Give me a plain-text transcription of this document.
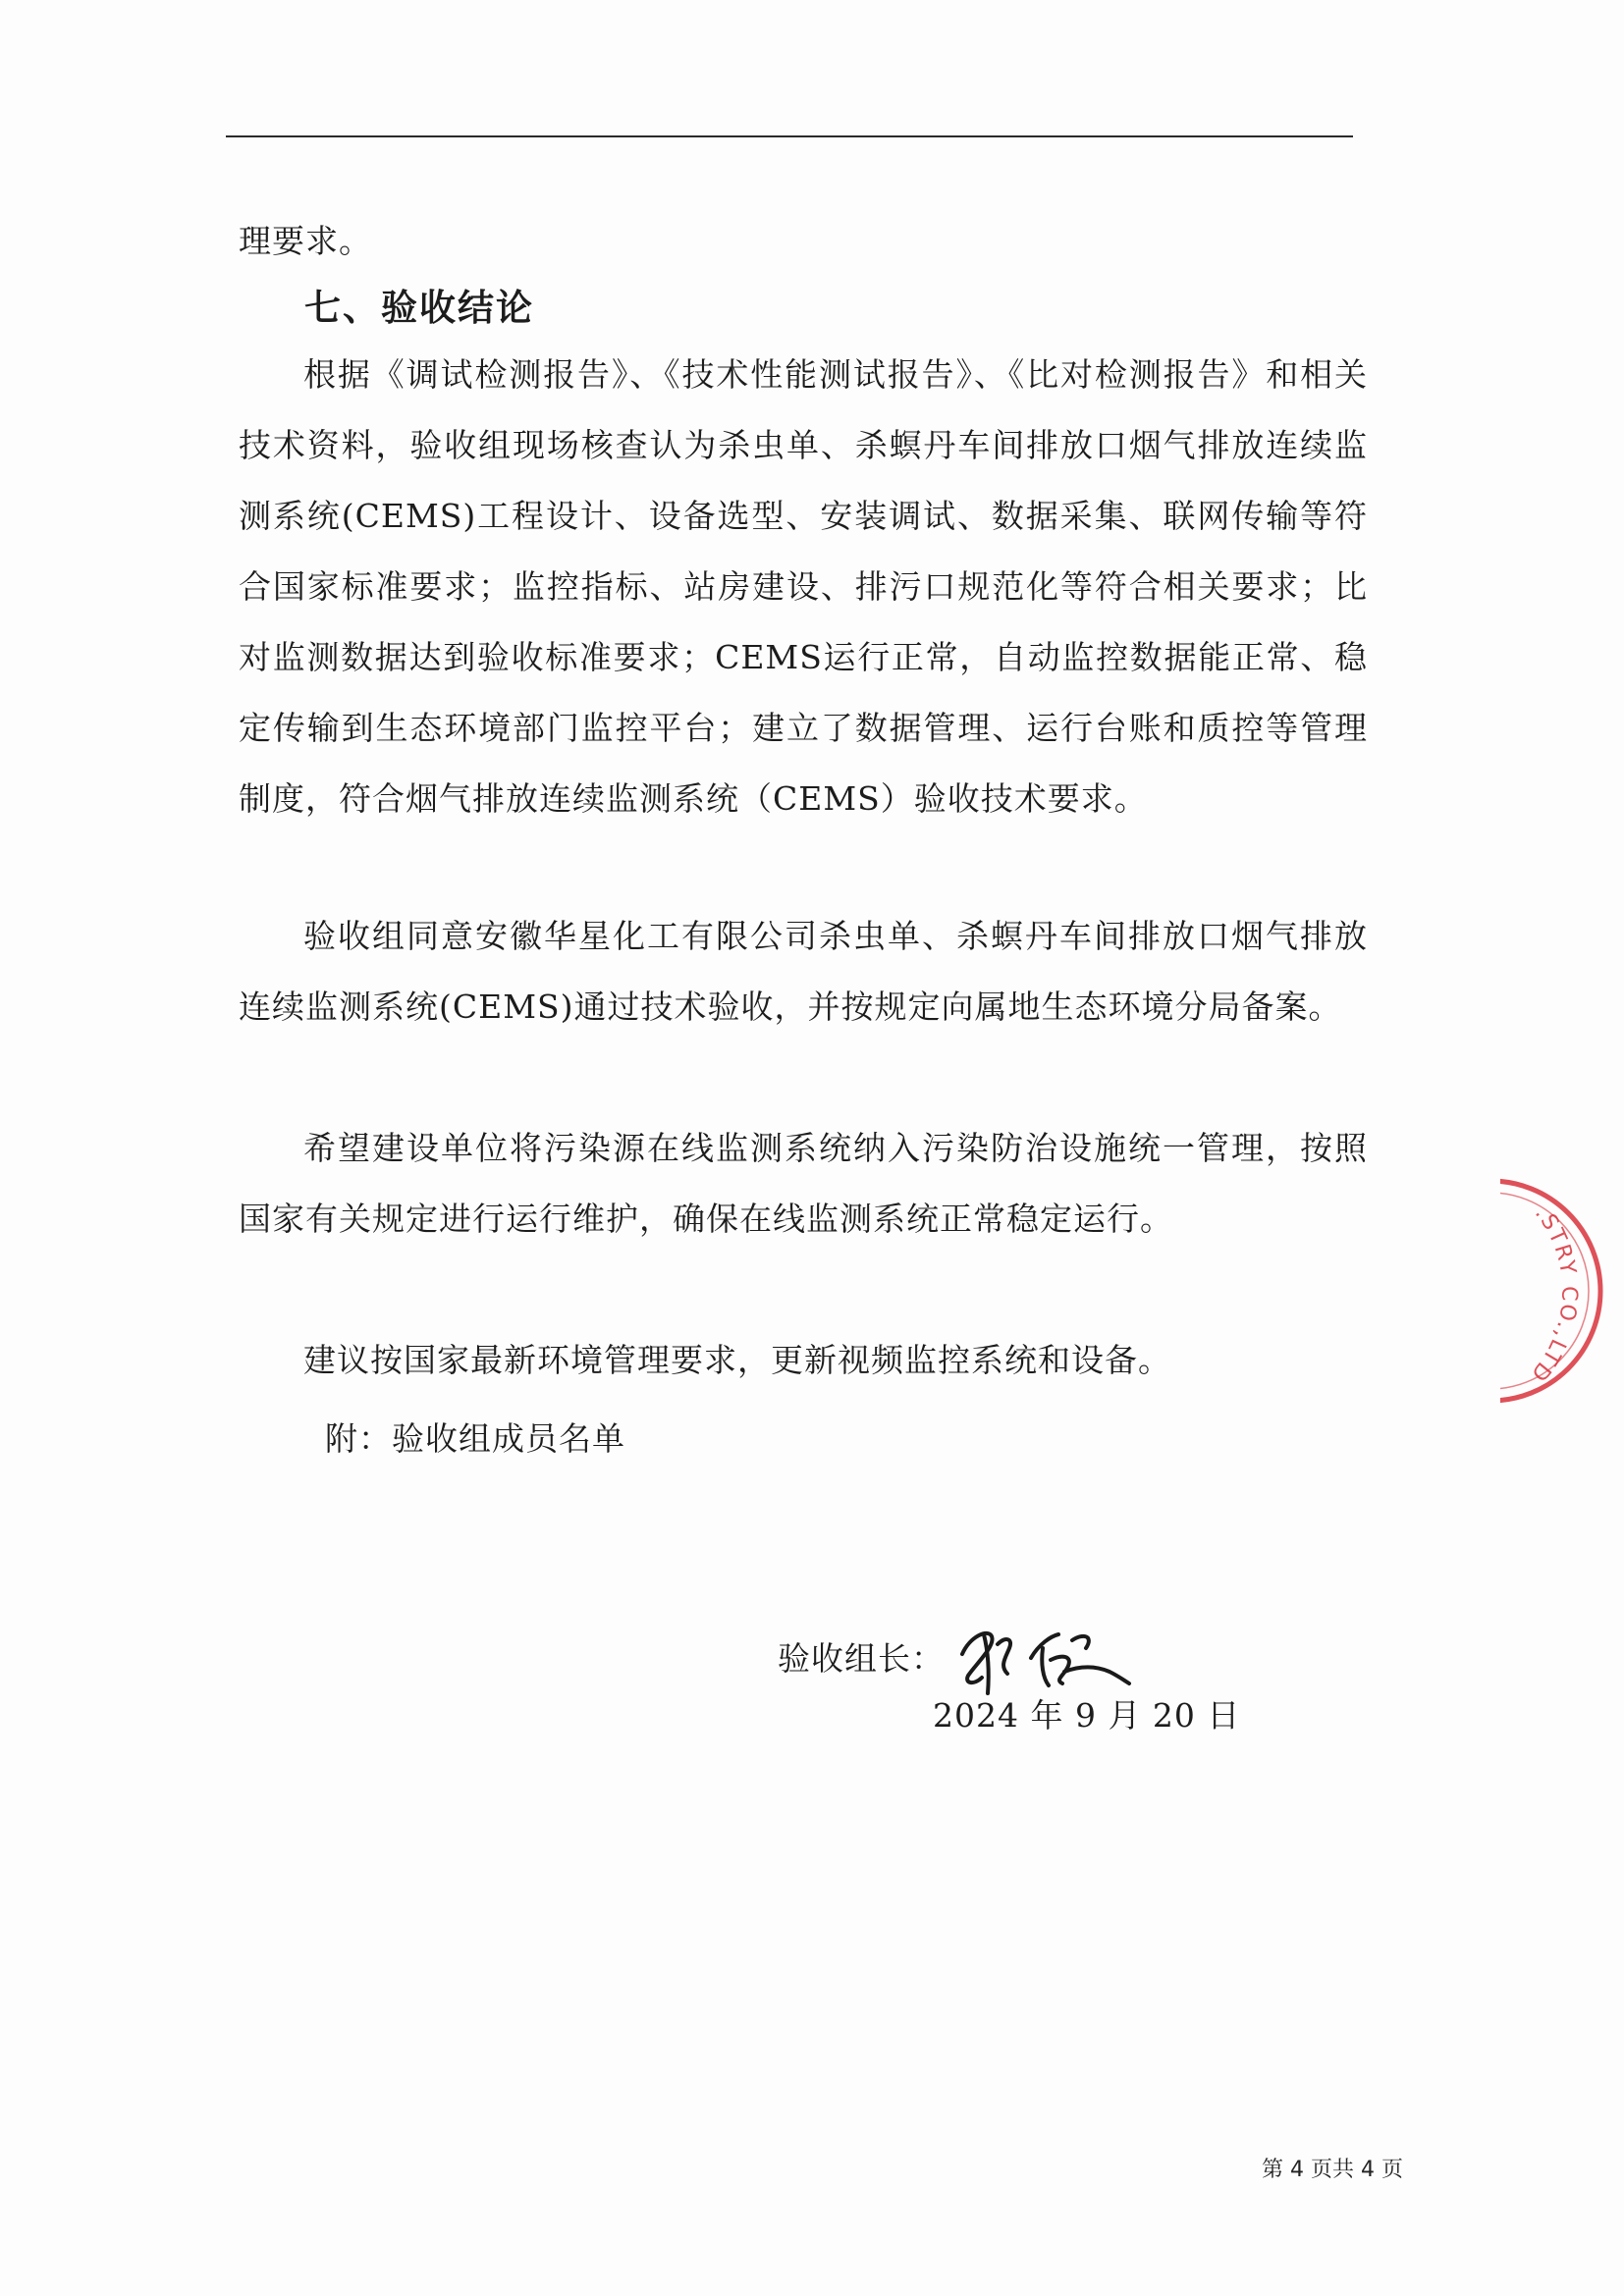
理要求。

七、验收结论

根据《调试检测报告》、《技术性能测试报告》、《比对检测报告》和相关技术资料，验收组现场核查认为杀虫单、杀螟丹车间排放口烟气排放连续监测系统(CEMS)工程设计、设备选型、安装调试、数据采集、联网传输等符合国家标准要求；监控指标、站房建设、排污口规范化等符合相关要求；比对监测数据达到验收标准要求；CEMS运行正常，自动监控数据能正常、稳定传输到生态环境部门监控平台；建立了数据管理、运行台账和质控等管理制度，符合烟气排放连续监测系统（CEMS）验收技术要求。

验收组同意安徽华星化工有限公司杀虫单、杀螟丹车间排放口烟气排放连续监测系统(CEMS)通过技术验收，并按规定向属地生态环境分局备案。

希望建设单位将污染源在线监测系统纳入污染防治设施统一管理，按照国家有关规定进行运行维护，确保在线监测系统正常稳定运行。

建议按国家最新环境管理要求，更新视频监控系统和设备。

附：验收组成员名单
验收组长：
2024 年 9 月 20 日
第 4 页共 4 页
.STRY CO.,LTD
